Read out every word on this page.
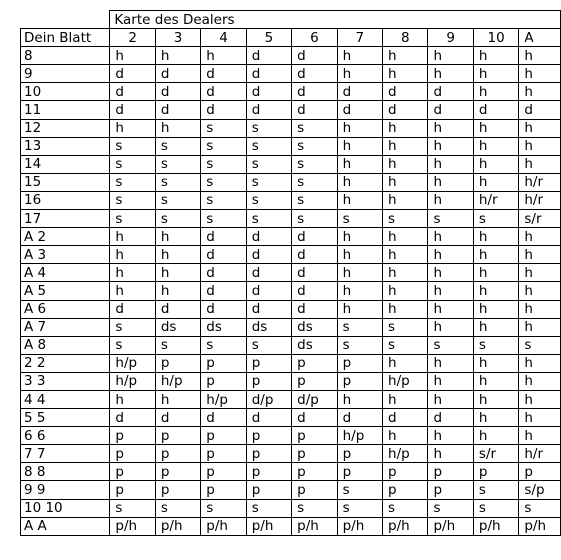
	Karte des Dealers									
Dein Blatt	2	3	4	5	6	7	8	9	10	A
8	h	h	h	d	d	h	h	h	h	h
9	d	d	d	d	d	h	h	h	h	h
10	d	d	d	d	d	d	d	d	h	h
11	d	d	d	d	d	d	d	d	d	d
12	h	h	s	s	s	h	h	h	h	h
13	s	s	s	s	s	h	h	h	h	h
14	s	s	s	s	s	h	h	h	h	h
15	s	s	s	s	s	h	h	h	h	h/r
16	s	s	s	s	s	h	h	h	h/r	h/r
17	s	s	s	s	s	s	s	s	s	s/r
A 2	h	h	d	d	d	h	h	h	h	h
A 3	h	h	d	d	d	h	h	h	h	h
A 4	h	h	d	d	d	h	h	h	h	h
A 5	h	h	d	d	d	h	h	h	h	h
A 6	d	d	d	d	d	h	h	h	h	h
A 7	s	ds	ds	ds	ds	s	s	h	h	h
A 8	s	s	s	s	ds	s	s	s	s	s
2 2	h/p	p	p	p	p	p	h	h	h	h
3 3	h/p	h/p	p	p	p	p	h/p	h	h	h
4 4	h	h	h/p	d/p	d/p	h	h	h	h	h
5 5	d	d	d	d	d	d	d	d	h	h
6 6	p	p	p	p	p	h/p	h	h	h	h
7 7	p	p	p	p	p	p	h/p	h	s/r	h/r
8 8	p	p	p	p	p	p	p	p	p	p
9 9	p	p	p	p	p	s	p	p	s	s/p
10 10	s	s	s	s	s	s	s	s	s	s
A A	p/h	p/h	p/h	p/h	p/h	p/h	p/h	p/h	p/h	p/h
